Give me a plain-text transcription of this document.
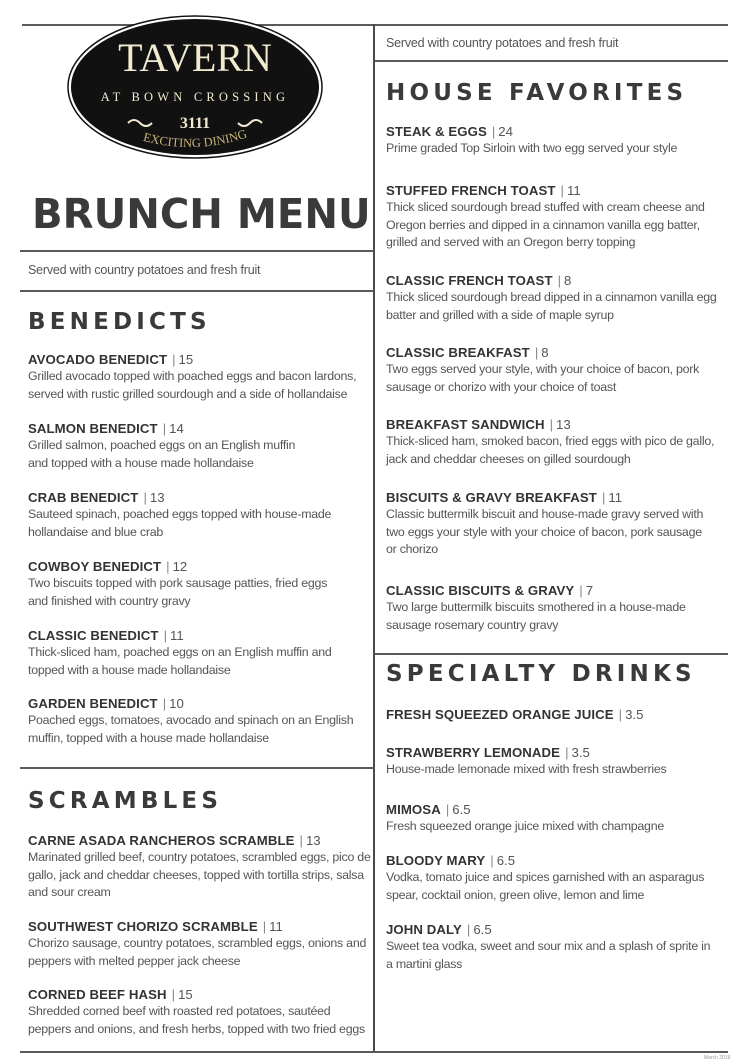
TAVERN
AT BOWN CROSSING
3111
EXCITING DINING
BRUNCH MENU
Served with country potatoes and fresh fruit
Served with country potatoes and fresh fruit
BENEDICTS
SCRAMBLES
HOUSE FAVORITES
SPECIALTY DRINKS
AVOCADO BENEDICT | 15
Grilled avocado topped with poached eggs and bacon lardons,
served with rustic grilled sourdough and a side of hollandaise
SALMON BENEDICT | 14
Grilled salmon, poached eggs on an English muffin
and topped with a house made hollandaise
CRAB BENEDICT | 13
Sauteed spinach, poached eggs topped with house-made
hollandaise and blue crab
COWBOY BENEDICT | 12
Two biscuits topped with pork sausage patties, fried eggs
and finished with country gravy
CLASSIC BENEDICT | 11
Thick-sliced ham, poached eggs on an English muffin and
topped with a house made hollandaise
GARDEN BENEDICT | 10
Poached eggs, tomatoes, avocado and spinach on an English
muffin, topped with a house made hollandaise
CARNE ASADA RANCHEROS SCRAMBLE | 13
Marinated grilled beef, country potatoes, scrambled eggs, pico de
gallo, jack and cheddar cheeses, topped with tortilla strips, salsa
and sour cream
SOUTHWEST CHORIZO SCRAMBLE | 11
Chorizo sausage, country potatoes, scrambled eggs, onions and
peppers with melted pepper jack cheese
CORNED BEEF HASH | 15
Shredded corned beef with roasted red potatoes, sautéed
peppers and onions, and fresh herbs, topped with two fried eggs
STEAK & EGGS | 24
Prime graded Top Sirloin with two egg served your style
STUFFED FRENCH TOAST | 11
Thick sliced sourdough bread stuffed with cream cheese and
Oregon berries and dipped in a cinnamon vanilla egg batter,
grilled and served with an Oregon berry topping
CLASSIC FRENCH TOAST | 8
Thick sliced sourdough bread dipped in a cinnamon vanilla egg
batter and grilled with a side of maple syrup
CLASSIC BREAKFAST | 8
Two eggs served your style, with your choice of bacon, pork
sausage or chorizo with your choice of toast
BREAKFAST SANDWICH | 13
Thick-sliced ham, smoked bacon, fried eggs with pico de gallo,
jack and cheddar cheeses on gilled sourdough
BISCUITS & GRAVY BREAKFAST | 11
Classic buttermilk biscuit and house-made gravy served with
two eggs your style with your choice of bacon, pork sausage
or chorizo
CLASSIC BISCUITS & GRAVY | 7
Two large buttermilk biscuits smothered in a house-made
sausage rosemary country gravy
FRESH SQUEEZED ORANGE JUICE | 3.5
STRAWBERRY LEMONADE | 3.5
House-made lemonade mixed with fresh strawberries
MIMOSA | 6.5
Fresh squeezed orange juice mixed with champagne
BLOODY MARY | 6.5
Vodka, tomato juice and spices garnished with an asparagus
spear, cocktail onion, green olive, lemon and lime
JOHN DALY | 6.5
Sweet tea vodka, sweet and sour mix and a splash of sprite in
a martini glass
March 2019
